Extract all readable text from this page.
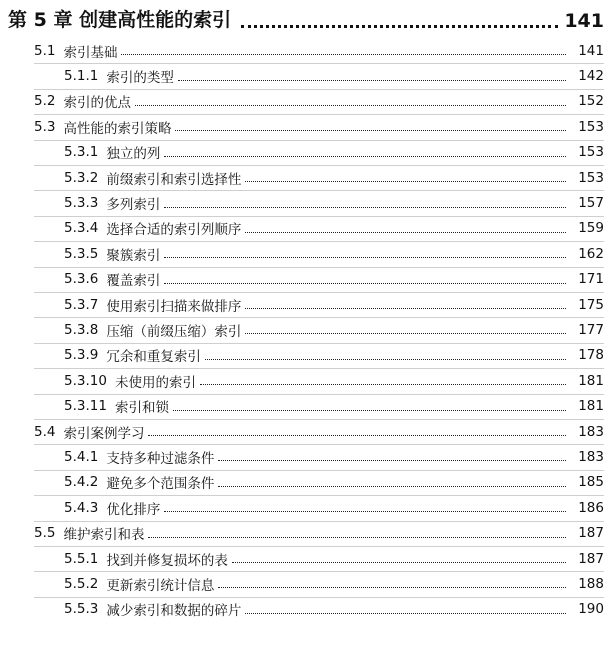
第 5 章 创建高性能的索引	141
5.1 索引基础	141
5.1.1 索引的类型	142
5.2 索引的优点	152
5.3 高性能的索引策略	153
5.3.1 独立的列	153
5.3.2 前缀索引和索引选择性	153
5.3.3 多列索引	157
5.3.4 选择合适的索引列顺序	159
5.3.5 聚簇索引	162
5.3.6 覆盖索引	171
5.3.7 使用索引扫描来做排序	175
5.3.8 压缩（前缀压缩）索引	177
5.3.9 冗余和重复索引	178
5.3.10 未使用的索引	181
5.3.11 索引和锁	181
5.4 索引案例学习	183
5.4.1 支持多种过滤条件	183
5.4.2 避免多个范围条件	185
5.4.3 优化排序	186
5.5 维护索引和表	187
5.5.1 找到并修复损坏的表	187
5.5.2 更新索引统计信息	188
5.5.3 减少索引和数据的碎片	190
